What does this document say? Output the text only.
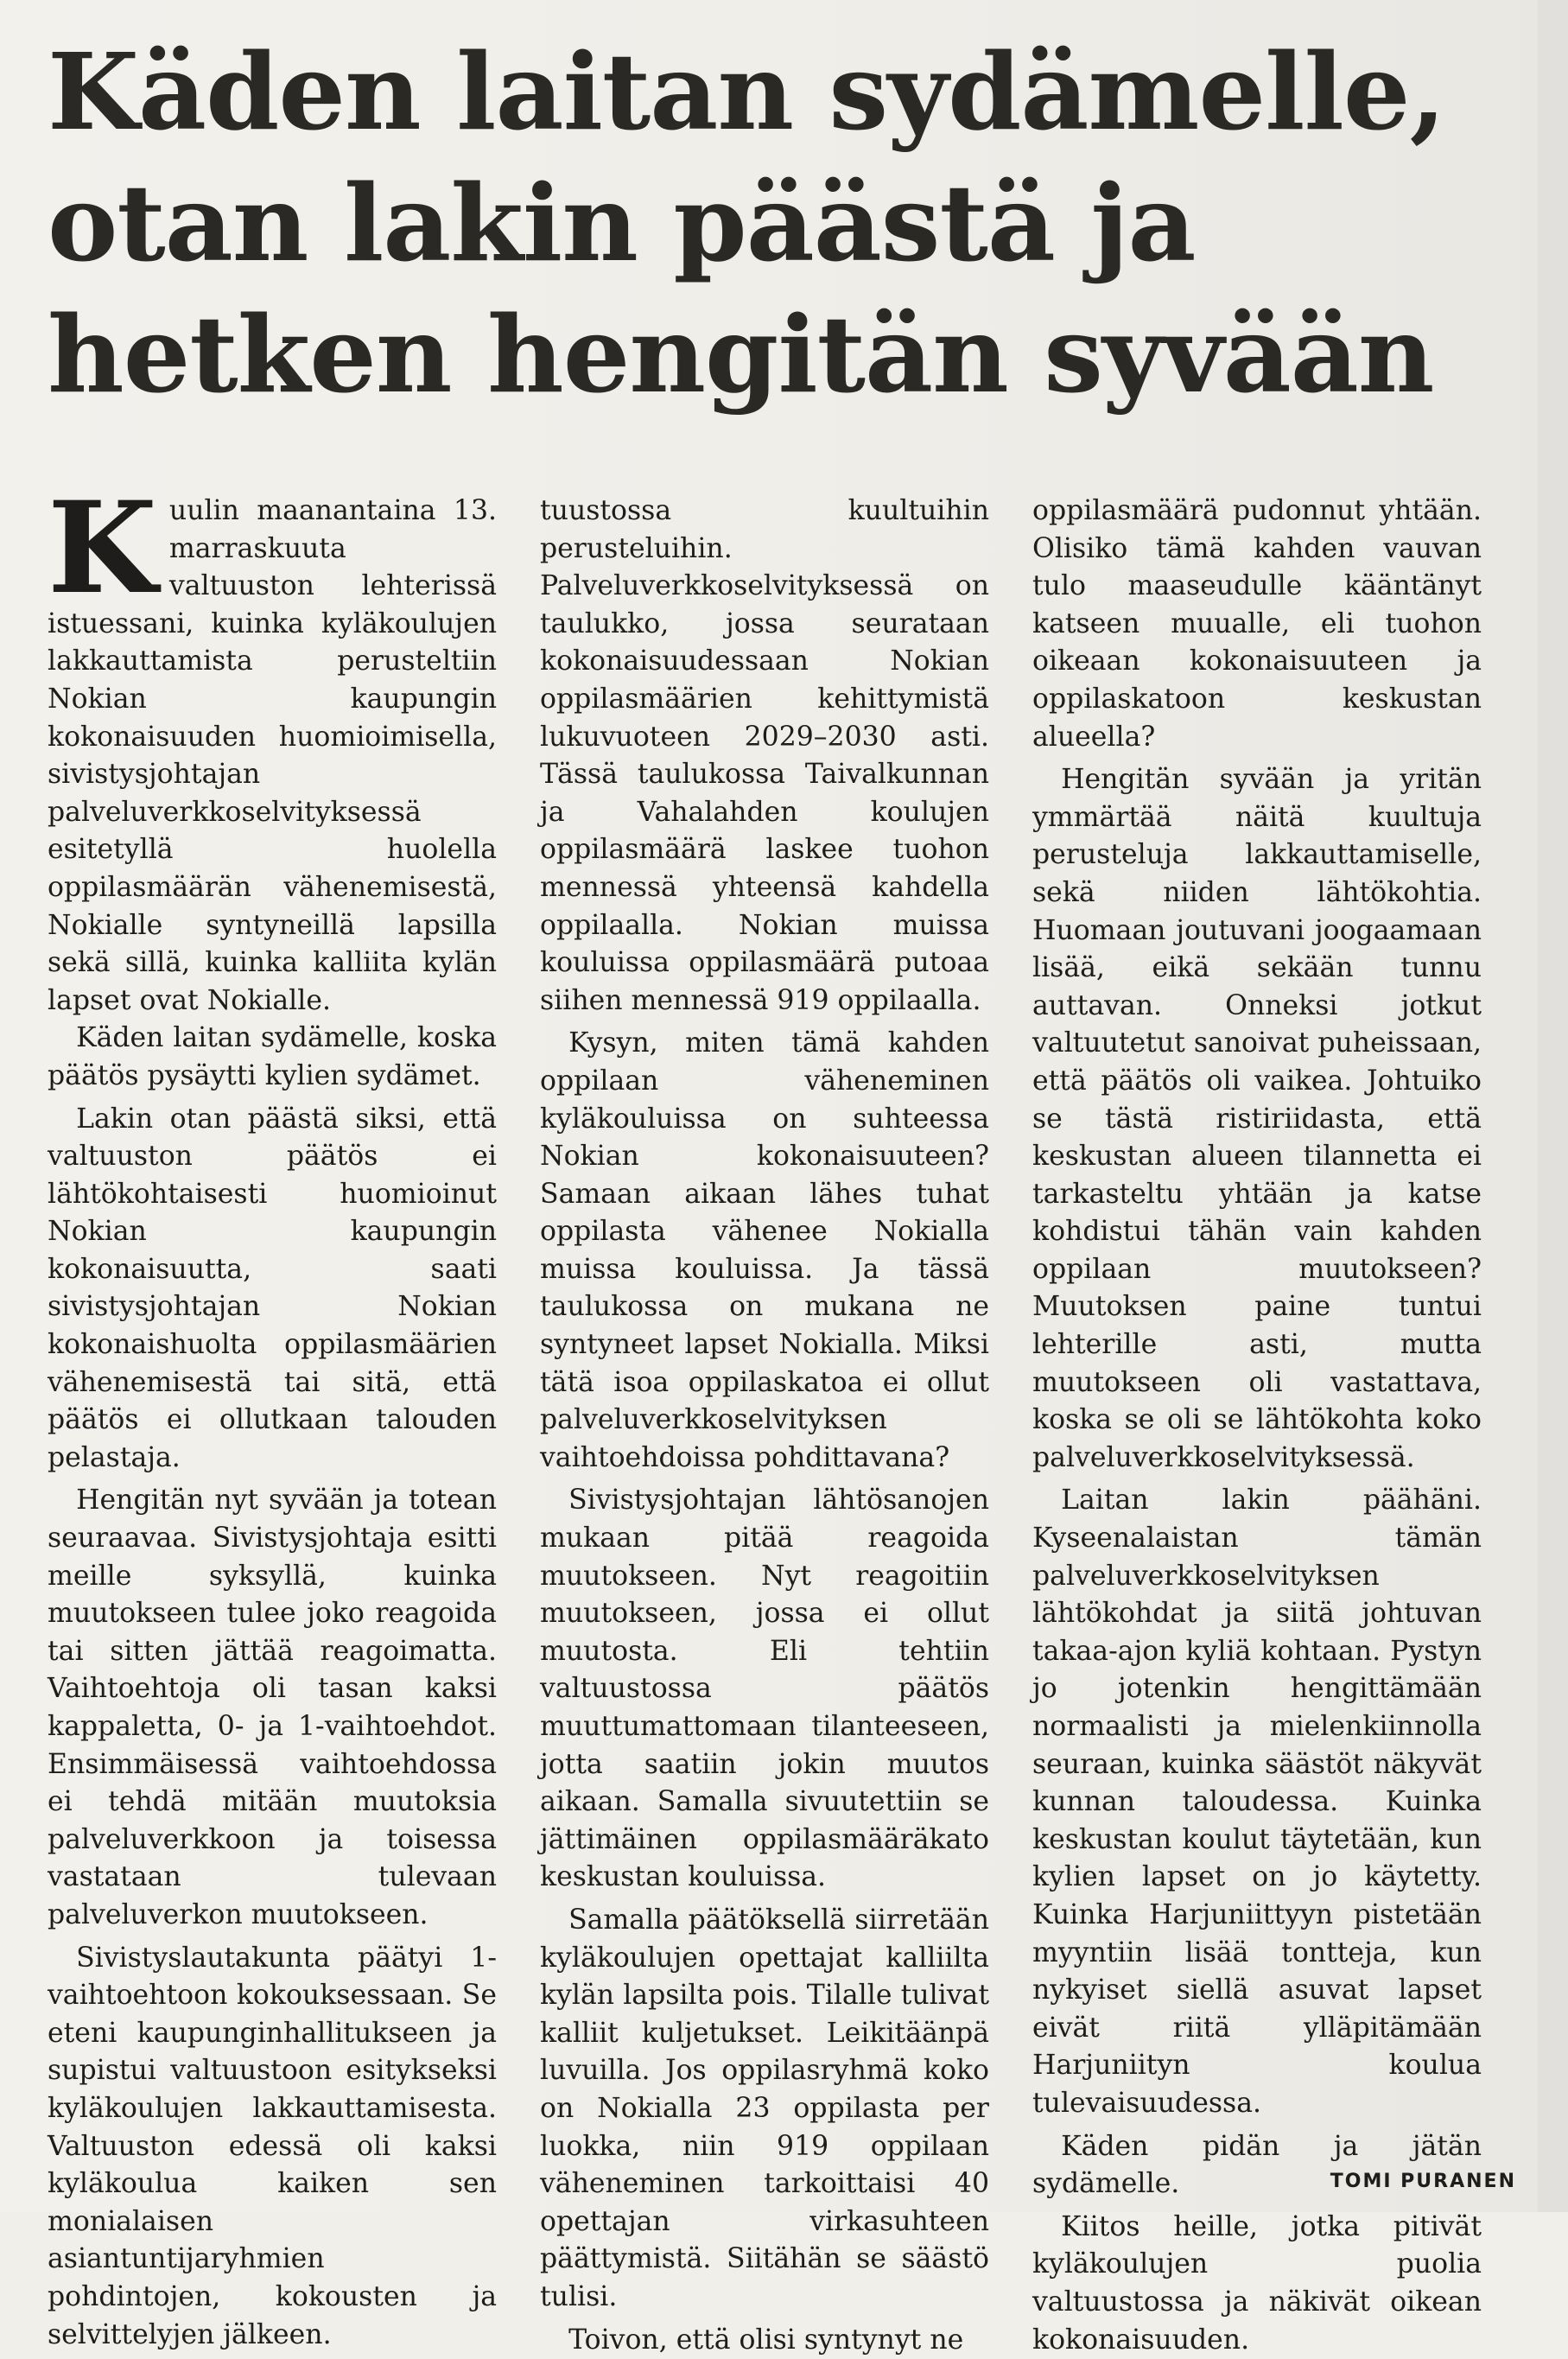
Käden laitan sydämelle,
otan lakin päästä ja
hetken hengitän syvään

Kuulin maanantaina 13. marraskuuta valtuuston lehterissä istuessani, kuinka kyläkoulujen lakkauttamista perusteltiin Nokian kaupungin kokonaisuuden huomioimisella, sivistysjohtajan palveluverkkoselvityksessä esitetyllä huolella oppilasmäärän vähenemisestä, Nokialle syntyneillä lapsilla sekä sillä, kuinka kalliita kylän lapset ovat Nokialle.

Käden laitan sydämelle, koska päätös pysäytti kylien sydämet.

Lakin otan päästä siksi, että valtuuston päätös ei lähtökohtaisesti huomioinut Nokian kaupungin kokonaisuutta, saati sivistysjohtajan Nokian kokonaishuolta oppilasmäärien vähenemisestä tai sitä, että päätös ei ollutkaan talouden pelastaja.

Hengitän nyt syvään ja totean seuraavaa. Sivistysjohtaja esitti meille syksyllä, kuinka muutokseen tulee joko reagoida tai sitten jättää reagoimatta. Vaihtoehtoja oli tasan kaksi kappaletta, 0- ja 1-vaihtoehdot. Ensimmäisessä vaihtoehdossa ei tehdä mitään muutoksia palveluverkkoon ja toisessa vastataan tulevaan palveluverkon muutokseen.

Sivistyslautakunta päätyi 1-vaihtoehtoon kokouksessaan. Se eteni kaupunginhallitukseen ja supistui valtuustoon esitykseksi kyläkoulujen lakkauttamisesta. Valtuuston edessä oli kaksi kyläkoulua kaiken sen monialaisen asiantuntijaryhmien pohdintojen, kokousten ja selvittelyjen jälkeen.

tuustossa kuultuihin perusteluihin. Palveluverkkoselvityksessä on taulukko, jossa seurataan kokonaisuudessaan Nokian oppilasmäärien kehittymistä lukuvuoteen 2029–2030 asti. Tässä taulukossa Taivalkunnan ja Vahalahden koulujen oppilasmäärä laskee tuohon mennessä yhteensä kahdella oppilaalla. Nokian muissa kouluissa oppilasmäärä putoaa siihen mennessä 919 oppilaalla.

Kysyn, miten tämä kahden oppilaan väheneminen kyläkouluissa on suhteessa Nokian kokonaisuuteen? Samaan aikaan lähes tuhat oppilasta vähenee Nokialla muissa kouluissa. Ja tässä taulukossa on mukana ne syntyneet lapset Nokialla. Miksi tätä isoa oppilaskatoa ei ollut palveluverkkoselvityksen vaihtoehdoissa pohdittavana?

Sivistysjohtajan lähtösanojen mukaan pitää reagoida muutokseen. Nyt reagoitiin muutokseen, jossa ei ollut muutosta. Eli tehtiin valtuustossa päätös muuttumattomaan tilanteeseen, jotta saatiin jokin muutos aikaan. Samalla sivuutettiin se jättimäinen oppilasmääräkato keskustan kouluissa.

Samalla päätöksellä siirretään kyläkoulujen opettajat kalliilta kylän lapsilta pois. Tilalle tulivat kalliit kuljetukset. Leikitäänpä luvuilla. Jos oppilasryhmä koko on Nokialla 23 oppilasta per luokka, niin 919 oppilaan väheneminen tarkoittaisi 40 opettajan virkasuhteen päättymistä. Siitähän se säästö tulisi.

Toivon, että olisi syntynyt ne

oppilasmäärä pudonnut yhtään. Olisiko tämä kahden vauvan tulo maaseudulle kääntänyt katseen muualle, eli tuohon oikeaan kokonaisuuteen ja oppilaskatoon keskustan alueella?

Hengitän syvään ja yritän ymmärtää näitä kuultuja perusteluja lakkauttamiselle, sekä niiden lähtökohtia. Huomaan joutuvani joogaamaan lisää, eikä sekään tunnu auttavan. Onneksi jotkut valtuutetut sanoivat puheissaan, että päätös oli vaikea. Johtuiko se tästä ristiriidasta, että keskustan alueen tilannetta ei tarkasteltu yhtään ja katse kohdistui tähän vain kahden oppilaan muutokseen? Muutoksen paine tuntui lehterille asti, mutta muutokseen oli vastattava, koska se oli se lähtökohta koko palveluverkkoselvityksessä.

Laitan lakin päähäni. Kyseenalaistan tämän palveluverkkoselvityksen lähtökohdat ja siitä johtuvan takaa-ajon kyliä kohtaan. Pystyn jo jotenkin hengittämään normaalisti ja mielenkiinnolla seuraan, kuinka säästöt näkyvät kunnan taloudessa. Kuinka keskustan koulut täytetään, kun kylien lapset on jo käytetty. Kuinka Harjuniittyyn pistetään myyntiin lisää tontteja, kun nykyiset siellä asuvat lapset eivät riitä ylläpitämään Harjuniityn koulua tulevaisuudessa.

Käden pidän ja jätän sydämelle.

Kiitos heille, jotka pitivät kyläkoulujen puolia valtuustossa ja näkivät oikean kokonaisuuden.

TOMI PURANEN
